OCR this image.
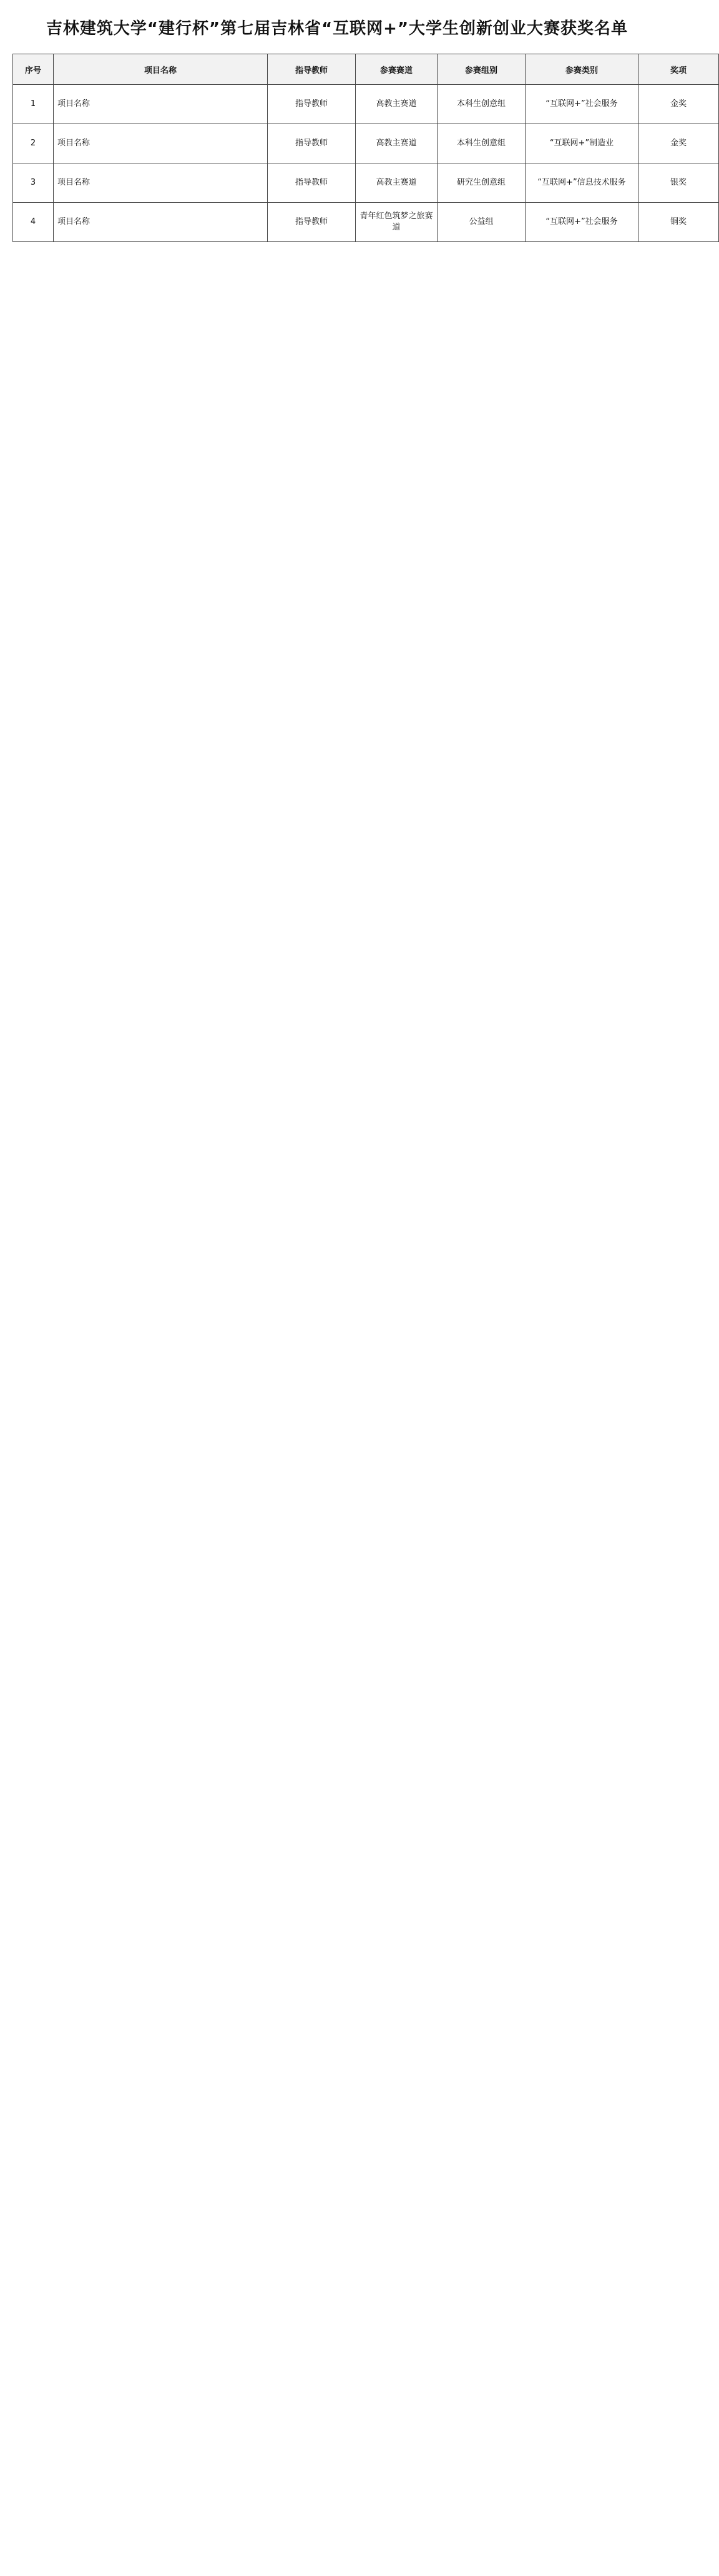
吉林建筑大学“建行杯”第七届吉林省“互联网+”大学生创新创业大赛获奖名单
序号	项目名称	指导教师	参赛赛道	参赛组别	参赛类别	奖项
1	项目名称	指导教师	高教主赛道	本科生创意组	“互联网+”社会服务	金奖
2	项目名称	指导教师	高教主赛道	本科生创意组	“互联网+”制造业	金奖
3	项目名称	指导教师	高教主赛道	研究生创意组	“互联网+”信息技术服务	银奖
4	项目名称	指导教师	青年红色筑梦之旅赛道	公益组	“互联网+”社会服务	铜奖
